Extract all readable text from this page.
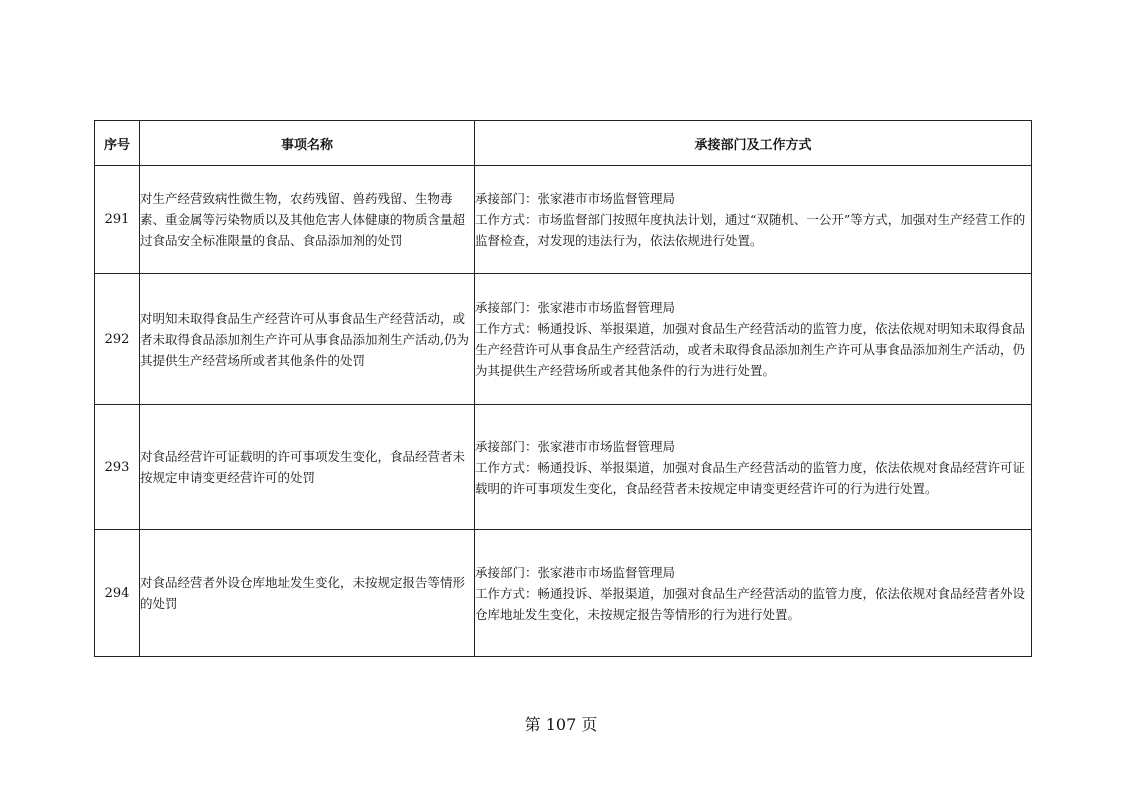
序号	事项名称	承接部门及工作方式
291	对生产经营致病性微生物，农药残留、兽药残留、生物毒素、重金属等污染物质以及其他危害人体健康的物质含量超过食品安全标准限量的食品、食品添加剂的处罚	承接部门：张家港市市场监督管理局
工作方式：市场监督部门按照年度执法计划，通过“双随机、一公开”等方式，加强对生产经营工作的监督检查，对发现的违法行为，依法依规进行处置。

292	对明知未取得食品生产经营许可从事食品生产经营活动，或者未取得食品添加剂生产许可从事食品添加剂生产活动,仍为其提供生产经营场所或者其他条件的处罚	承接部门：张家港市市场监督管理局
工作方式：畅通投诉、举报渠道，加强对食品生产经营活动的监管力度，依法依规对明知未取得食品生产经营许可从事食品生产经营活动，或者未取得食品添加剂生产许可从事食品添加剂生产活动，仍为其提供生产经营场所或者其他条件的行为进行处置。

293	对食品经营许可证载明的许可事项发生变化，食品经营者未按规定申请变更经营许可的处罚	承接部门：张家港市市场监督管理局
工作方式：畅通投诉、举报渠道，加强对食品生产经营活动的监管力度，依法依规对食品经营许可证载明的许可事项发生变化，食品经营者未按规定申请变更经营许可的行为进行处置。

294	对食品经营者外设仓库地址发生变化，未按规定报告等情形的处罚	承接部门：张家港市市场监督管理局
工作方式：畅通投诉、举报渠道，加强对食品生产经营活动的监管力度，依法依规对食品经营者外设仓库地址发生变化，未按规定报告等情形的行为进行处置。
第 107 页
